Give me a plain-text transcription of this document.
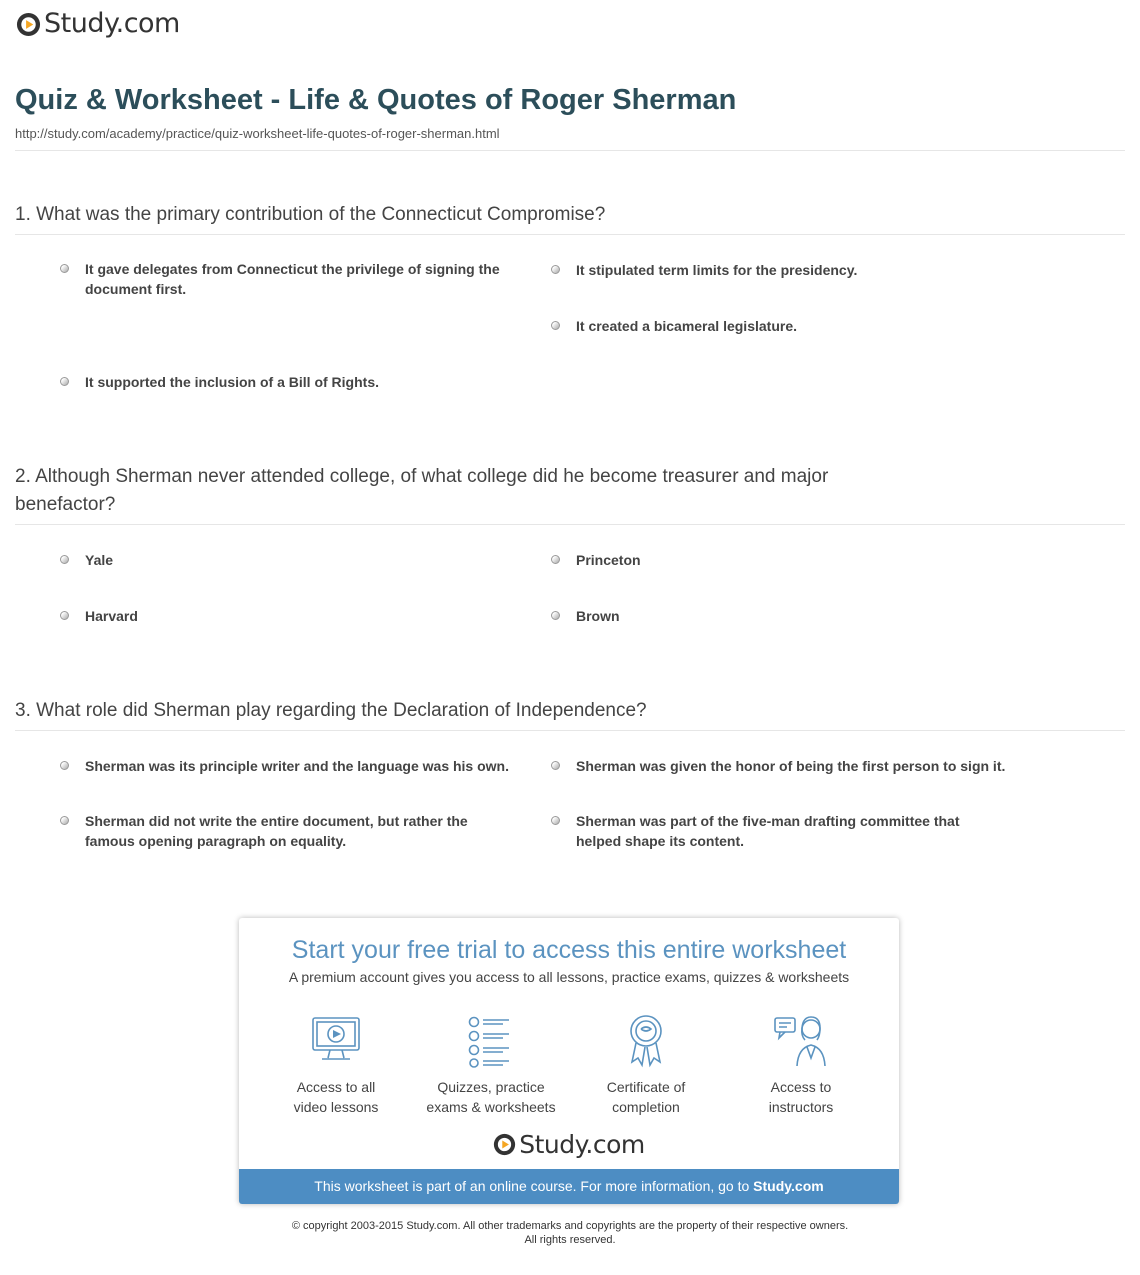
Study.com
Quiz & Worksheet - Life & Quotes of Roger Sherman
http://study.com/academy/practice/quiz-worksheet-life-quotes-of-roger-sherman.html
1. What was the primary contribution of the Connecticut Compromise?
It gave delegates from Connecticut the privilege of signing the document first.
It stipulated term limits for the presidency.
It created a bicameral legislature.
It supported the inclusion of a Bill of Rights.
2. Although Sherman never attended college, of what college did he become treasurer and major benefactor?
Yale	Princeton
Harvard	Brown
3. What role did Sherman play regarding the Declaration of Independence?
Sherman was its principle writer and the language was his own.	Sherman was given the honor of being the first person to sign it.
Sherman did not write the entire document, but rather the famous opening paragraph on equality.
Sherman was part of the five-man drafting committee that helped shape its content.
Start your free trial to access this entire worksheet
A premium account gives you access to all lessons, practice exams, quizzes & worksheets
Access to all
video lessons
Quizzes, practice
exams & worksheets
Certificate of
completion
Access to
instructors
Study.com
This worksheet is part of an online course. For more information, go to Study.com
© copyright 2003-2015 Study.com. All other trademarks and copyrights are the property of their respective owners.
All rights reserved.
